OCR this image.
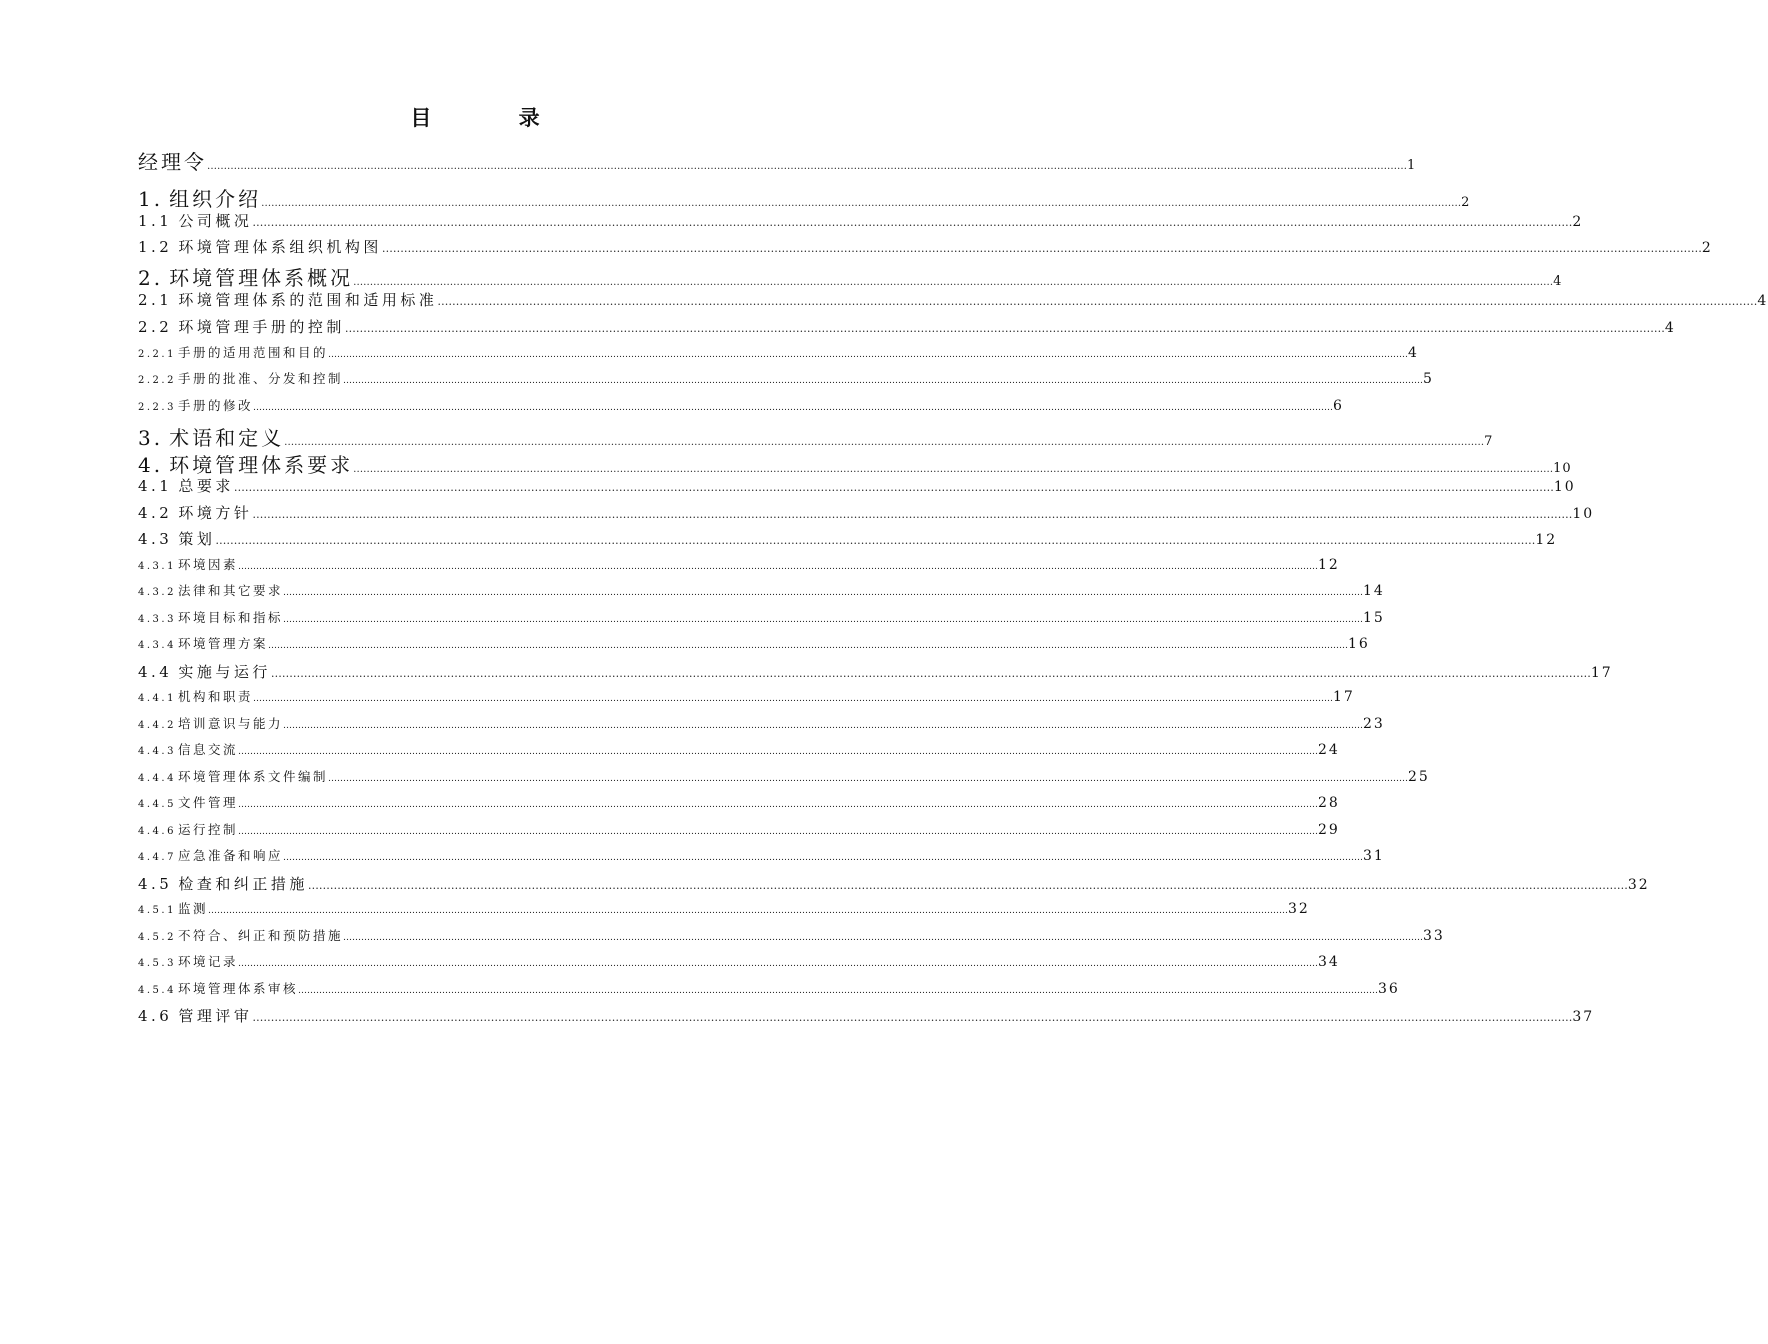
目 录
经理令 ……………………………………………………………………………………………………………………………………………………………………………………………………………………………………………………………………………………………………………………………… 1
1. 组织介绍 ……………………………………………………………………………………………………………………………………………………………………………………………………………………………………………………………………………………………………………………………… 2
1.1 公司概况 ……………………………………………………………………………………………………………………………………………………………………………………………………………………………………………………………………………………………………………………………… 2
1.2 环境管理体系组织机构图 ……………………………………………………………………………………………………………………………………………………………………………………………………………………………………………………………………………………………………………………………… 2
2. 环境管理体系概况 ……………………………………………………………………………………………………………………………………………………………………………………………………………………………………………………………………………………………………………………………… 4
2.1 环境管理体系的范围和适用标准 ……………………………………………………………………………………………………………………………………………………………………………………………………………………………………………………………………………………………………………………………… 4
2.2 环境管理手册的控制 ……………………………………………………………………………………………………………………………………………………………………………………………………………………………………………………………………………………………………………………………… 4
2.2.1 手册的适用范围和目的 ……………………………………………………………………………………………………………………………………………………………………………………………………………………………………………………………………………………………………………………………… 4
2.2.2 手册的批准、分发和控制 ……………………………………………………………………………………………………………………………………………………………………………………………………………………………………………………………………………………………………………………………… 5
2.2.3 手册的修改 ……………………………………………………………………………………………………………………………………………………………………………………………………………………………………………………………………………………………………………………………… 6
3. 术语和定义 ……………………………………………………………………………………………………………………………………………………………………………………………………………………………………………………………………………………………………………………………… 7
4. 环境管理体系要求 ……………………………………………………………………………………………………………………………………………………………………………………………………………………………………………………………………………………………………………………………… 10
4.1 总要求 ……………………………………………………………………………………………………………………………………………………………………………………………………………………………………………………………………………………………………………………………… 10
4.2 环境方针 ……………………………………………………………………………………………………………………………………………………………………………………………………………………………………………………………………………………………………………………………… 10
4.3 策划 ……………………………………………………………………………………………………………………………………………………………………………………………………………………………………………………………………………………………………………………………… 12
4.3.1 环境因素 ……………………………………………………………………………………………………………………………………………………………………………………………………………………………………………………………………………………………………………………………… 12
4.3.2 法律和其它要求 ……………………………………………………………………………………………………………………………………………………………………………………………………………………………………………………………………………………………………………………………… 14
4.3.3 环境目标和指标 ……………………………………………………………………………………………………………………………………………………………………………………………………………………………………………………………………………………………………………………………… 15
4.3.4 环境管理方案 ……………………………………………………………………………………………………………………………………………………………………………………………………………………………………………………………………………………………………………………………… 16
4.4 实施与运行 ……………………………………………………………………………………………………………………………………………………………………………………………………………………………………………………………………………………………………………………………… 17
4.4.1 机构和职责 ……………………………………………………………………………………………………………………………………………………………………………………………………………………………………………………………………………………………………………………………… 17
4.4.2 培训意识与能力 ……………………………………………………………………………………………………………………………………………………………………………………………………………………………………………………………………………………………………………………………… 23
4.4.3 信息交流 ……………………………………………………………………………………………………………………………………………………………………………………………………………………………………………………………………………………………………………………………… 24
4.4.4 环境管理体系文件编制 ……………………………………………………………………………………………………………………………………………………………………………………………………………………………………………………………………………………………………………………………… 25
4.4.5 文件管理 ……………………………………………………………………………………………………………………………………………………………………………………………………………………………………………………………………………………………………………………………… 28
4.4.6 运行控制 ……………………………………………………………………………………………………………………………………………………………………………………………………………………………………………………………………………………………………………………………… 29
4.4.7 应急准备和响应 ……………………………………………………………………………………………………………………………………………………………………………………………………………………………………………………………………………………………………………………………… 31
4.5 检查和纠正措施 ……………………………………………………………………………………………………………………………………………………………………………………………………………………………………………………………………………………………………………………………… 32
4.5.1 监测 ……………………………………………………………………………………………………………………………………………………………………………………………………………………………………………………………………………………………………………………………… 32
4.5.2 不符合、纠正和预防措施 ……………………………………………………………………………………………………………………………………………………………………………………………………………………………………………………………………………………………………………………………… 33
4.5.3 环境记录 ……………………………………………………………………………………………………………………………………………………………………………………………………………………………………………………………………………………………………………………………… 34
4.5.4 环境管理体系审核 ……………………………………………………………………………………………………………………………………………………………………………………………………………………………………………………………………………………………………………………………… 36
4.6 管理评审 ……………………………………………………………………………………………………………………………………………………………………………………………………………………………………………………………………………………………………………………………… 37
